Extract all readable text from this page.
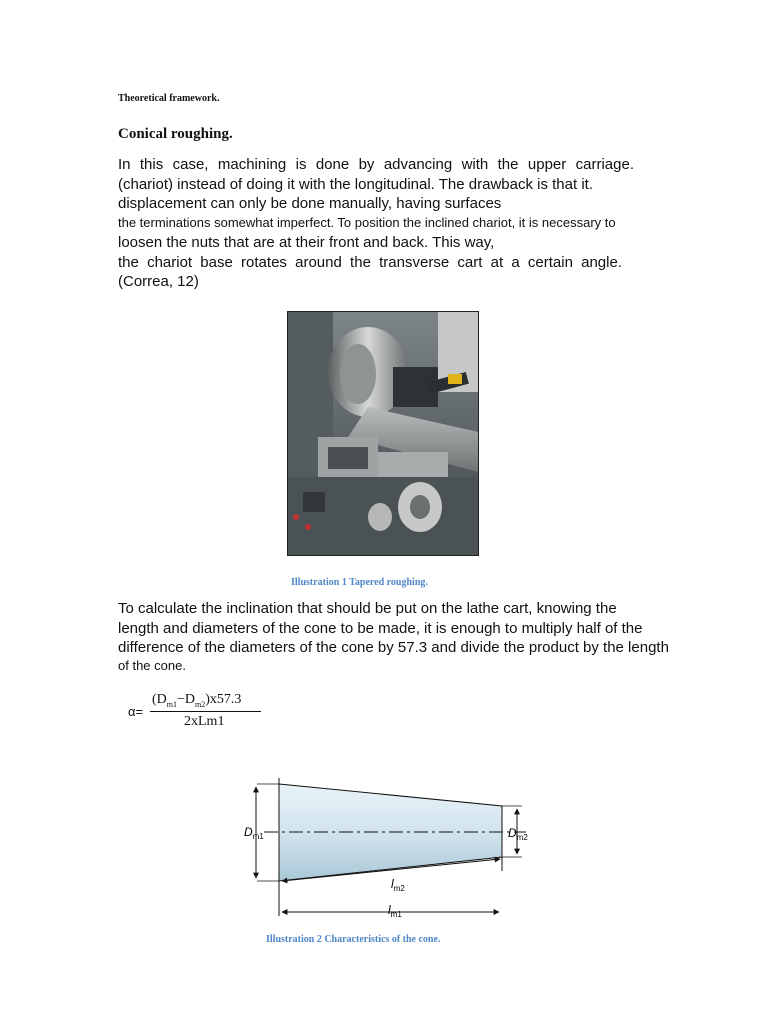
Theoretical framework.
Conical roughing.
In this case, machining is done by advancing with the upper carriage.
(chariot) instead of doing it with the longitudinal. The drawback is that it.
displacement can only be done manually, having surfaces
the terminations somewhat imperfect. To position the inclined chariot, it is necessary to
loosen the nuts that are at their front and back. This way,
the chariot base rotates around the transverse cart at a certain angle.
(Correa, 12)
Illustration 1 Tapered roughing.
To calculate the inclination that should be put on the lathe cart, knowing the
length and diameters of the cone to be made, it is enough to multiply half of the
difference of the diameters of the cone by 57.3 and divide the product by the length
of the cone.
α=
$(D_{m1}-D_{m2})x57.3$
2xLm1
$D_{m1}$	$D_{m2}$
$l_{m2}$
$l_{m1}$
Illustration 2 Characteristics of the cone.
